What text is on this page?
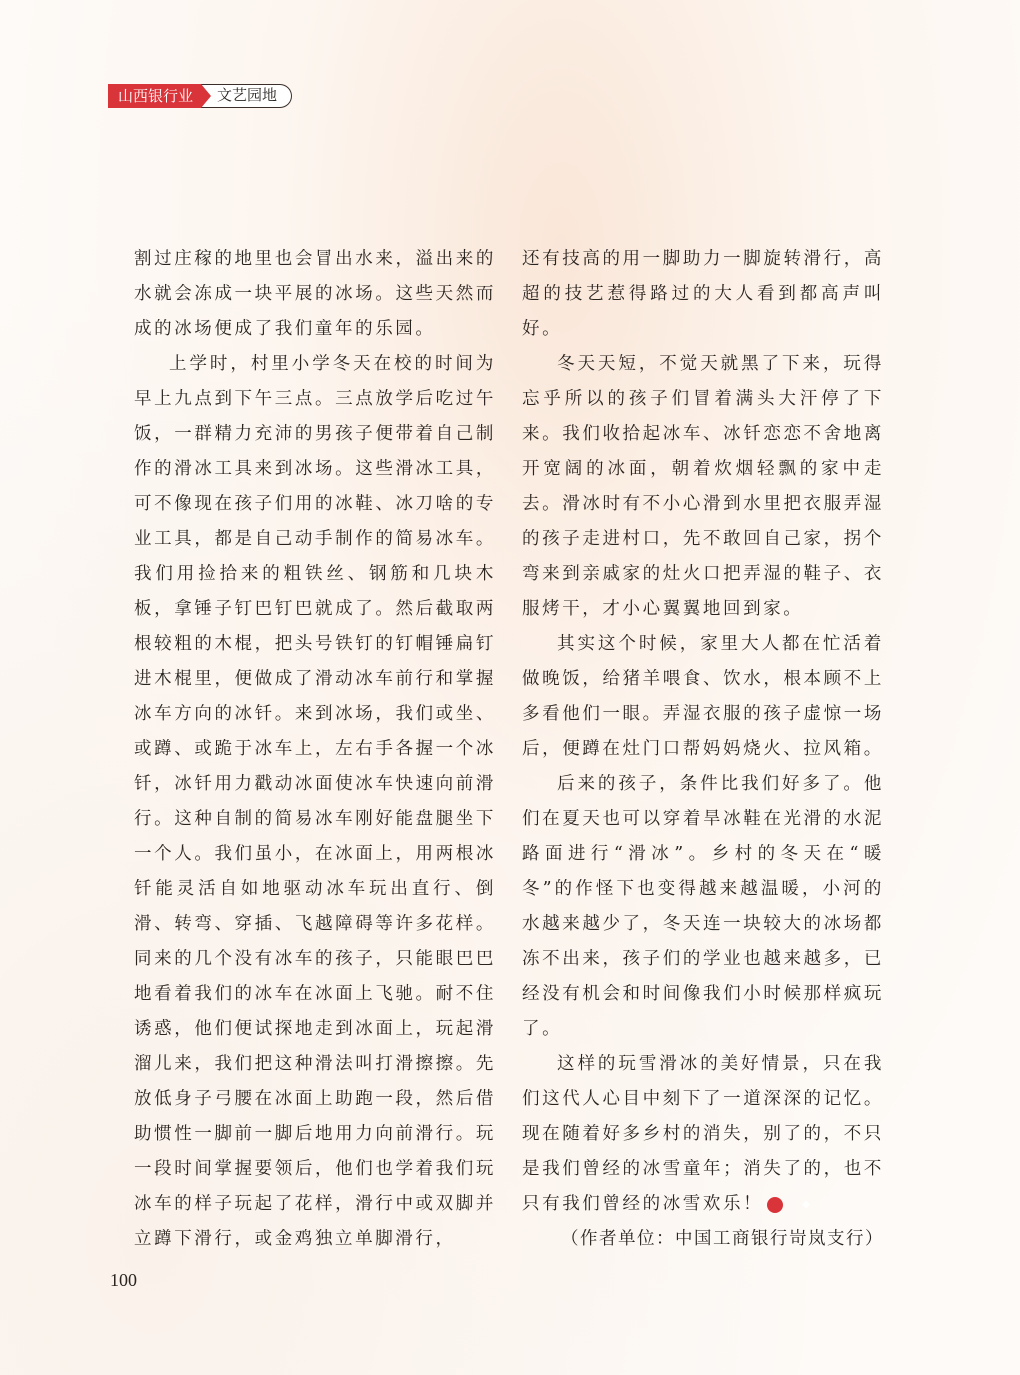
山西银行业	文艺园地

割过庄稼的地里也会冒出水来，溢出来的水就会冻成一块平展的冰场。这些天然而成的冰场便成了我们童年的乐园。

上学时，村里小学冬天在校的时间为早上九点到下午三点。三点放学后吃过午饭，一群精力充沛的男孩子便带着自己制作的滑冰工具来到冰场。这些滑冰工具，可不像现在孩子们用的冰鞋、冰刀啥的专业工具，都是自己动手制作的简易冰车。我们用捡拾来的粗铁丝、钢筋和几块木板，拿锤子钉巴钉巴就成了。然后截取两根较粗的木棍，把头号铁钉的钉帽锤扁钉进木棍里，便做成了滑动冰车前行和掌握冰车方向的冰钎。来到冰场，我们或坐、或蹲、或跪于冰车上，左右手各握一个冰钎，冰钎用力戳动冰面使冰车快速向前滑行。这种自制的简易冰车刚好能盘腿坐下一个人。我们虽小，在冰面上，用两根冰钎能灵活自如地驱动冰车玩出直行、倒滑、转弯、穿插、飞越障碍等许多花样。同来的几个没有冰车的孩子，只能眼巴巴地看着我们的冰车在冰面上飞驰。耐不住诱惑，他们便试探地走到冰面上，玩起滑溜儿来，我们把这种滑法叫打滑擦擦。先放低身子弓腰在冰面上助跑一段，然后借助惯性一脚前一脚后地用力向前滑行。玩一段时间掌握要领后，他们也学着我们玩冰车的样子玩起了花样，滑行中或双脚并立蹲下滑行，或金鸡独立单脚滑行，

还有技高的用一脚助力一脚旋转滑行，高超的技艺惹得路过的大人看到都高声叫好。

冬天天短，不觉天就黑了下来，玩得忘乎所以的孩子们冒着满头大汗停了下来。我们收拾起冰车、冰钎恋恋不舍地离开宽阔的冰面，朝着炊烟轻飘的家中走去。滑冰时有不小心滑到水里把衣服弄湿的孩子走进村口，先不敢回自己家，拐个弯来到亲戚家的灶火口把弄湿的鞋子、衣服烤干，才小心翼翼地回到家。

其实这个时候，家里大人都在忙活着做晚饭，给猪羊喂食、饮水，根本顾不上多看他们一眼。弄湿衣服的孩子虚惊一场后，便蹲在灶门口帮妈妈烧火、拉风箱。

后来的孩子，条件比我们好多了。他们在夏天也可以穿着旱冰鞋在光滑的水泥路面进行“滑冰”。乡村的冬天在“暖冬”的作怪下也变得越来越温暖，小河的水越来越少了，冬天连一块较大的冰场都冻不出来，孩子们的学业也越来越多，已经没有机会和时间像我们小时候那样疯玩了。

这样的玩雪滑冰的美好情景，只在我们这代人心目中刻下了一道深深的记忆。现在随着好多乡村的消失，别了的，不只是我们曾经的冰雪童年；消失了的，也不只有我们曾经的冰雪欢乐！	◆

（作者单位：中国工商银行岢岚支行）

100
